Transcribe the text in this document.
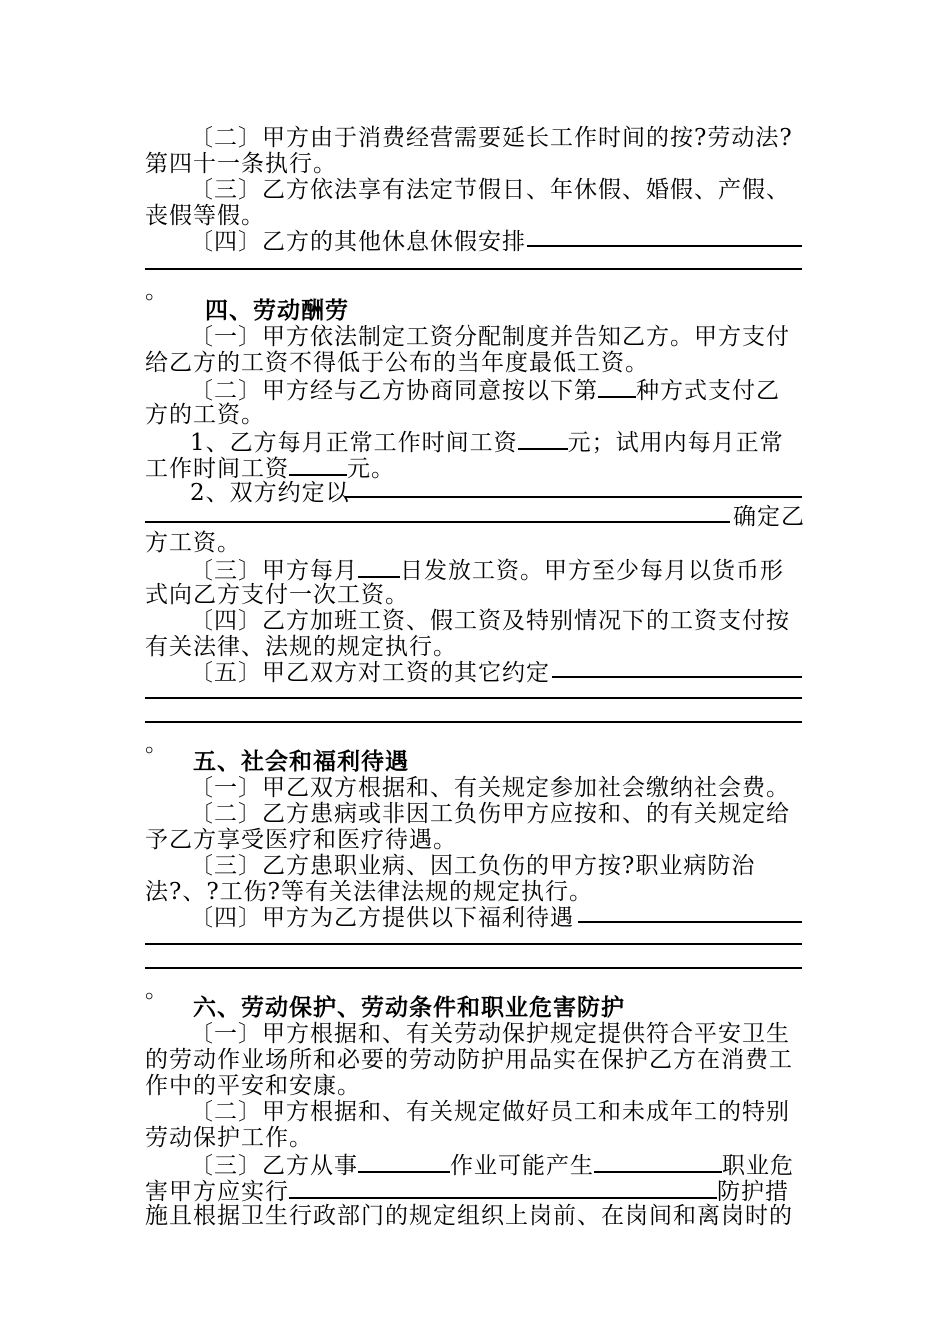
〔二〕甲方由于消费经营需要延长工作时间的按?劳动法?
第四十一条执行。
〔三〕乙方依法享有法定节假日、年休假、婚假、产假、
丧假等假。
〔四〕乙方的其他休息休假安排
。
四、劳动酬劳
〔一〕甲方依法制定工资分配制度并告知乙方。甲方支付
给乙方的工资不得低于公布的当年度最低工资。
〔二〕甲方经与乙方协商同意按以下第 种方式支付乙
方的工资。
1、乙方每月正常工作时间工资 元；试用内每月正常
工作时间工资	元。
2、双方约定以
确定乙
方工资。
〔三〕甲方每月 日发放工资。甲方至少每月以货币形
式向乙方支付一次工资。
〔四〕乙方加班工资、假工资及特别情况下的工资支付按
有关法律、法规的规定执行。
〔五〕甲乙双方对工资的其它约定
。
五、社会和福利待遇
〔一〕甲乙双方根据和、有关规定参加社会缴纳社会费。
〔二〕乙方患病或非因工负伤甲方应按和、的有关规定给
予乙方享受医疗和医疗待遇。
〔三〕乙方患职业病、因工负伤的甲方按?职业病防治
法?、?工伤?等有关法律法规的规定执行。
〔四〕甲方为乙方提供以下福利待遇
。
六、劳动保护、劳动条件和职业危害防护
〔一〕甲方根据和、有关劳动保护规定提供符合平安卫生
的劳动作业场所和必要的劳动防护用品实在保护乙方在消费工
作中的平安和安康。
〔二〕甲方根据和、有关规定做好员工和未成年工的特别
劳动保护工作。
〔三〕乙方从事	作业可能产生	职业危
害甲方应实行	防护措
施且根据卫生行政部门的规定组织上岗前、在岗间和离岗时的
